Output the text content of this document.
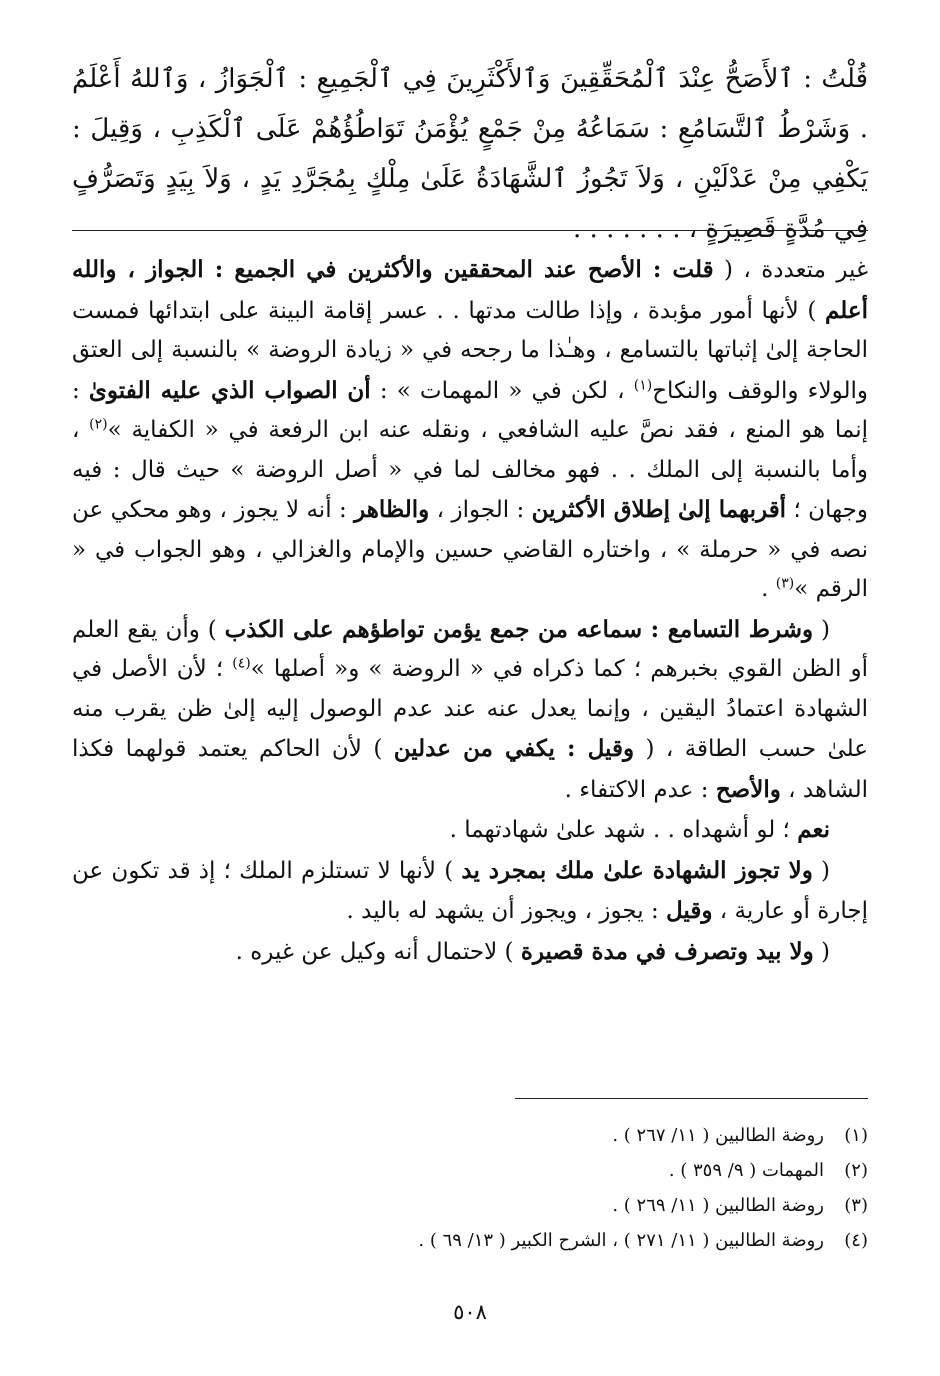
قُلْتُ : ٱلأَصَحُّ عِنْدَ ٱلْمُحَقِّقِينَ وَٱلأَكْثَرِينَ فِي ٱلْجَمِيعِ : ٱلْجَوَازُ ، وَٱللهُ أَعْلَمُ . وَشَرْطُ ٱلتَّسَامُعِ : سَمَاعُهُ مِنْ جَمْعٍ يُؤْمَنُ تَوَاطُؤُهُمْ عَلَى ٱلْكَذِبِ ، وَقِيلَ : يَكْفِي مِنْ عَدْلَيْنِ ، وَلاَ تَجُوزُ ٱلشَّهَادَةُ عَلَىٰ مِلْكٍ بِمُجَرَّدِ يَدٍ ، وَلاَ بِيَدٍ وَتَصَرُّفٍ فِي مُدَّةٍ قَصِيرَةٍ ، . . . . . . .

غير متعددة ، ( قلت : الأصح عند المحققين والأكثرين في الجميع : الجواز ، والله أعلم ) لأنها أمور مؤبدة ، وإذا طالت مدتها . . عسر إقامة البينة على ابتدائها فمست الحاجة إلىٰ إثباتها بالتسامع ، وهـٰذا ما رجحه في « زيادة الروضة » بالنسبة إلى العتق والولاء والوقف والنكاح$^{(١)}$ ، لكن في « المهمات » : أن الصواب الذي عليه الفتوىٰ : إنما هو المنع ، فقد نصَّ عليه الشافعي ، ونقله عنه ابن الرفعة في « الكفاية »$^{(٢)}$ ، وأما بالنسبة إلى الملك . . فهو مخالف لما في « أصل الروضة » حيث قال : فيه وجهان ؛ أقربهما إلىٰ إطلاق الأكثرين : الجواز ، والظاهر : أنه لا يجوز ، وهو محكي عن نصه في « حرملة » ، واختاره القاضي حسين والإمام والغزالي ، وهو الجواب في « الرقم »$^{(٣)}$ .

( وشرط التسامع : سماعه من جمع يؤمن تواطؤهم على الكذب ) وأن يقع العلم أو الظن القوي بخبرهم ؛ كما ذكراه في « الروضة » و« أصلها »$^{(٤)}$ ؛ لأن الأصل في الشهادة اعتمادُ اليقين ، وإنما يعدل عنه عند عدم الوصول إليه إلىٰ ظن يقرب منه علىٰ حسب الطاقة ، ( وقيل : يكفي من عدلين ) لأن الحاكم يعتمد قولهما فكذا الشاهد ، والأصح : عدم الاكتفاء .

نعم ؛ لو أشهداه . . شهد علىٰ شهادتهما .

( ولا تجوز الشهادة علىٰ ملك بمجرد يد ) لأنها لا تستلزم الملك ؛ إذ قد تكون عن إجارة أو عارية ، وقيل : يجوز ، ويجوز أن يشهد له باليد .

( ولا بيد وتصرف في مدة قصيرة ) لاحتمال أنه وكيل عن غيره .

(١)
روضة الطالبين ( ١١/ ٢٦٧ ) .
(٢)
المهمات ( ٩/ ٣٥٩ ) .
(٣)
روضة الطالبين ( ١١/ ٢٦٩ ) .
(٤)
روضة الطالبين ( ١١/ ٢٧١ ) ، الشرح الكبير ( ١٣/ ٦٩ ) .
٥٠٨
